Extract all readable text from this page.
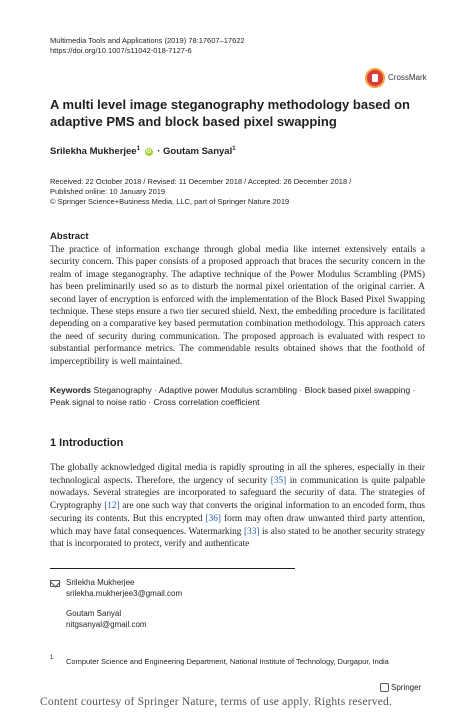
Multimedia Tools and Applications (2019) 78:17607–17622
https://doi.org/10.1007/s11042-018-7127-6
CrossMark
A multi level image steganography methodology based on adaptive PMS and block based pixel swapping
Srilekha Mukherjee$^1$ iD · Goutam Sanyal$^1$
Received: 22 October 2018 / Revised: 11 December 2018 / Accepted: 26 December 2018 /
Published online: 10 January 2019
© Springer Science+Business Media, LLC, part of Springer Nature 2019
Abstract
The practice of information exchange through global media like internet extensively entails a security concern. This paper consists of a proposed approach that braces the security concern in the realm of image steganography. The adaptive technique of the Power Modulus Scrambling (PMS) has been preliminarily used so as to disturb the normal pixel orientation of the original carrier. A second layer of encryption is enforced with the implementation of the Block Based Pixel Swapping technique. These steps ensure a two tier secured shield. Next, the embedding procedure is facilitated depending on a comparative key based permutation combination methodology. This approach caters the need of security during communication. The proposed approach is evaluated with respect to substantial performance metrics. The commendable results obtained shows that the foothold of imperceptibility is well maintained.
Keywords Steganography · Adaptive power Modulus scrambling · Block based pixel swapping · Peak signal to noise ratio · Cross correlation coefficient
1 Introduction
The globally acknowledged digital media is rapidly sprouting in all the spheres, especially in their technological aspects. Therefore, the urgency of security [35] in communication is quite palpable nowadays. Several strategies are incorporated to safeguard the security of data. The strategies of Cryptography [12] are one such way that converts the original information to an encoded form, thus securing its contents. But this encrypted [36] form may often draw unwanted third party attention, which may have fatal consequences. Watermarking [33] is also stated to be another security strategy that is incorporated to protect, verify and authenticate
Srilekha Mukherjee
srilekha.mukherjee3@gmail.com
Goutam Sanyal
nitgsanyal@gmail.com
1 Computer Science and Engineering Department, National Institute of Technology, Durgapur, India
Springer
Content courtesy of Springer Nature, terms of use apply. Rights reserved.
